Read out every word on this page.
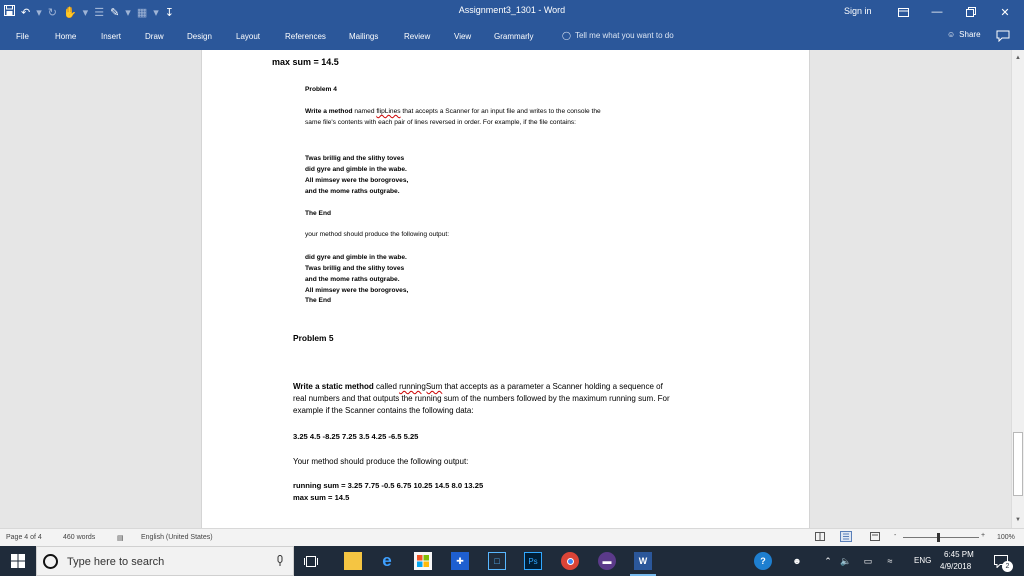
↶ ▾ ↻ ✋ ▾ ☰ ✎ ▾ ▦ ▾ ↧	Assignment3_1301 - Word	Sign in	—	✕
File	Home	Insert	Draw	Design	Layout	References	Mailings	Review	View	Grammarly	◯ Tell me what you want to do	☺ Share
max sum = 14.5
Problem 4
Write a method named flipLines that accepts a Scanner for an input file and writes to the console the
same file's contents with each pair of lines reversed in order. For example, if the file contains:
Twas brillig and the slithy toves
did gyre and gimble in the wabe.
All mimsey were the borogroves,
and the mome raths outgrabe.
The End
your method should produce the following output:
did gyre and gimble in the wabe.
Twas brillig and the slithy toves
and the mome raths outgrabe.
All mimsey were the borogroves,
The End
Problem 5
Write a static method called runningSum that accepts as a parameter a Scanner holding a sequence of
real numbers and that outputs the running sum of the numbers followed by the maximum running sum. For
example if the Scanner contains the following data:
3.25 4.5 -8.25 7.25 3.5 4.25 -6.5 5.25
Your method should produce the following output:
running sum = 3.25 7.75 -0.5 6.75 10.25 14.5 8.0 13.25
max sum = 14.5
▲
▼
Page 4 of 4	460 words	▤ English (United States)	-	+ 100%
Type here to search	e	✚	□	Ps	▬	W	?	☻	⌃ 🔈	▭	≈	ENG
6:45 PM
4/9/2018	2
